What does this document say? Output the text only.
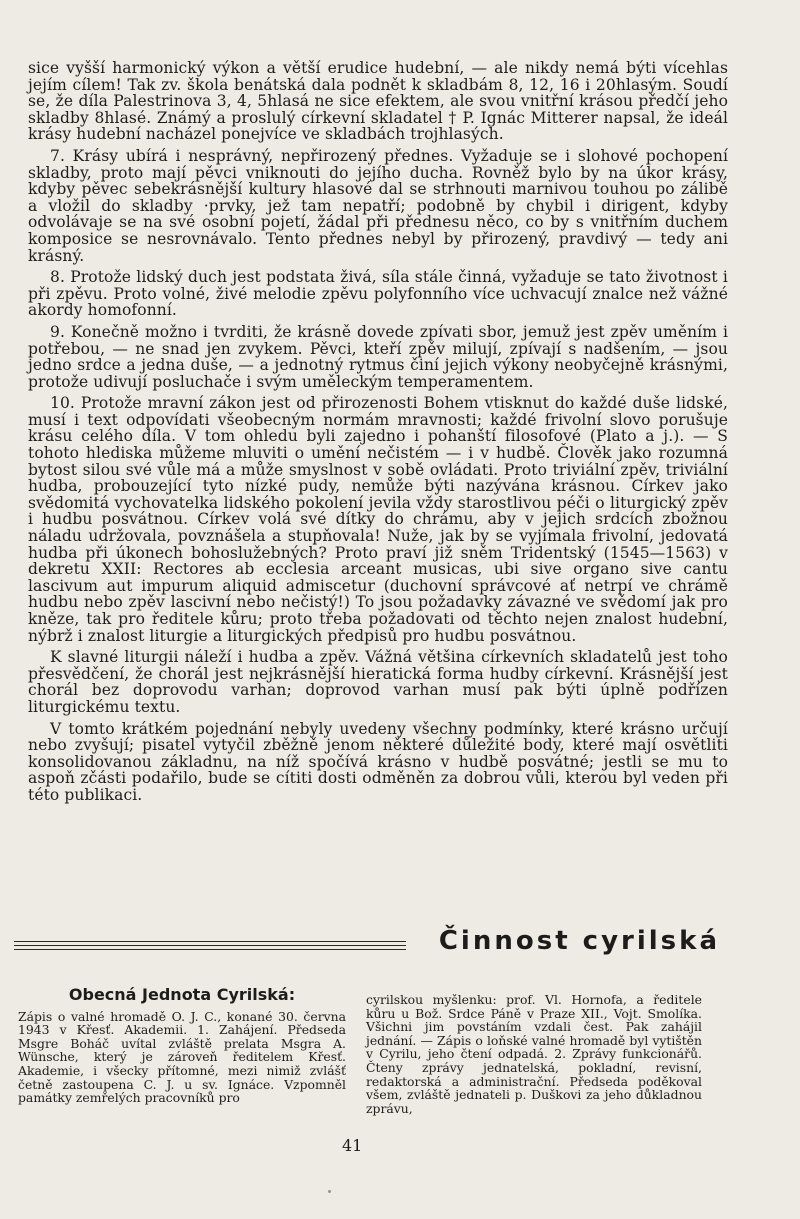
sice vyšší harmonický výkon a větší erudice hudební, — ale nikdy nemá býti vícehlas jejím cílem! Tak zv. škola benátská dala podnět k skladbám 8, 12, 16 i 20hlasým. Soudí se, že díla Palestrinova 3, 4, 5hlasá ne sice efektem, ale svou vnitřní krásou předčí jeho skladby 8hlasé. Známý a proslulý církevní skladatel † P. Ignác Mitterer napsal, že ideál krásy hudební nacházel ponejvíce ve skladbách trojhlasých.

7. Krásy ubírá i nesprávný, nepřirozený přednes. Vyžaduje se i slohové pochopení skladby, proto mají pěvci vniknouti do jejího ducha. Rovněž bylo by na úkor krásy, kdyby pěvec sebekrásnější kultury hlasové dal se strhnouti marnivou touhou po zálibě a vložil do skladby ·prvky, jež tam nepatří; podobně by chybil i dirigent, kdyby odvolávaje se na své osobní pojetí, žádal při přednesu něco, co by s vnitřním duchem komposice se nesrovnávalo. Tento přednes nebyl by přirozený, pravdivý — tedy ani krásný.

8. Protože lidský duch jest podstata živá, síla stále činná, vyžaduje se tato životnost i při zpěvu. Proto volné, živé melodie zpěvu polyfonního více uchvacují znalce než vážné akordy homofonní.

9. Konečně možno i tvrditi, že krásně dovede zpívati sbor, jemuž jest zpěv uměním i potřebou, — ne snad jen zvykem. Pěvci, kteří zpěv milují, zpívají s nadšením, — jsou jedno srdce a jedna duše, — a jednotný rytmus činí jejich výkony neobyčejně krásnými, protože udivují posluchače i svým uměleckým temperamentem.

10. Protože mravní zákon jest od přirozenosti Bohem vtisknut do každé duše lidské, musí i text odpovídati všeobecným normám mravnosti; každé frivolní slovo porušuje krásu celého díla. V tom ohledu byli zajedno i pohanští filosofové (Plato a j.). — S tohoto hlediska můžeme mluviti o umění nečistém — i v hudbě. Člověk jako rozumná bytost silou své vůle má a může smyslnost v sobě ovládati. Proto triviální zpěv, triviální hudba, probouzející tyto nízké pudy, nemůže býti nazývána krásnou. Církev jako svědomitá vychovatelka lidského pokolení jevila vždy starostlivou péči o liturgický zpěv i hudbu posvátnou. Církev volá své dítky do chrámu, aby v jejich srdcích zbožnou náladu udržovala, povznášela a stupňovala! Nuže, jak by se vyjímala frivolní, jedovatá hudba při úkonech bohoslužebných? Proto praví již sněm Tridentský (1545—1563) v dekretu XXII: Rectores ab ecclesia arceant musicas, ubi sive organo sive cantu lascivum aut impurum aliquid admiscetur (duchovní správcové ať netrpí ve chrámě hudbu nebo zpěv lascivní nebo nečistý!) To jsou požadavky závazné ve svědomí jak pro kněze, tak pro ředitele kůru; proto třeba požadovati od těchto nejen znalost hudební, nýbrž i znalost liturgie a liturgických předpisů pro hudbu posvátnou.

K slavné liturgii náleží i hudba a zpěv. Vážná většina církevních skladatelů jest toho přesvědčení, že chorál jest nejkrásnější hieratická forma hudby církevní. Krásnější jest chorál bez doprovodu varhan; doprovod varhan musí pak býti úplně podřízen liturgickému textu.

V tomto krátkém pojednání nebyly uvedeny všechny podmínky, které krásno určují nebo zvyšují; pisatel vytyčil zběžně jenom některé důležité body, které mají osvětliti konsolidovanou základnu, na níž spočívá krásno v hudbě posvátné; jestli se mu to aspoň zčásti podařilo, bude se cítiti dosti odměněn za dobrou vůli, kterou byl veden při této publikaci.

Činnost cyrilská
Obecná Jednota Cyrilská:

Zápis o valné hromadě O. J. C., konané 30. června 1943 v Křesť. Akademii. 1. Zahájení. Předseda Msgre Boháč uvítal zvláště prelata Msgra A. Wünsche, který je zároveň ředitelem Křesť. Akademie, i všecky přítomné, mezi nimiž zvlášť četně zastoupena C. J. u sv. Ignáce. Vzpomněl památky zemřelých pracovníků pro

cyrilskou myšlenku: prof. Vl. Hornofa, a ředitele kůru u Bož. Srdce Páně v Praze XII., Vojt. Smolíka. Všichni jim povstáním vzdali čest. Pak zahájil jednání. — Zápis o loňské valné hromadě byl vytištěn v Cyrilu, jeho čtení odpadá. 2. Zprávy funkcionářů. Čteny zprávy jednatelská, pokladní, revisní, redaktorská a administrační. Předseda poděkoval všem, zvláště jednateli p. Duškovi za jeho důkladnou zprávu,

41
